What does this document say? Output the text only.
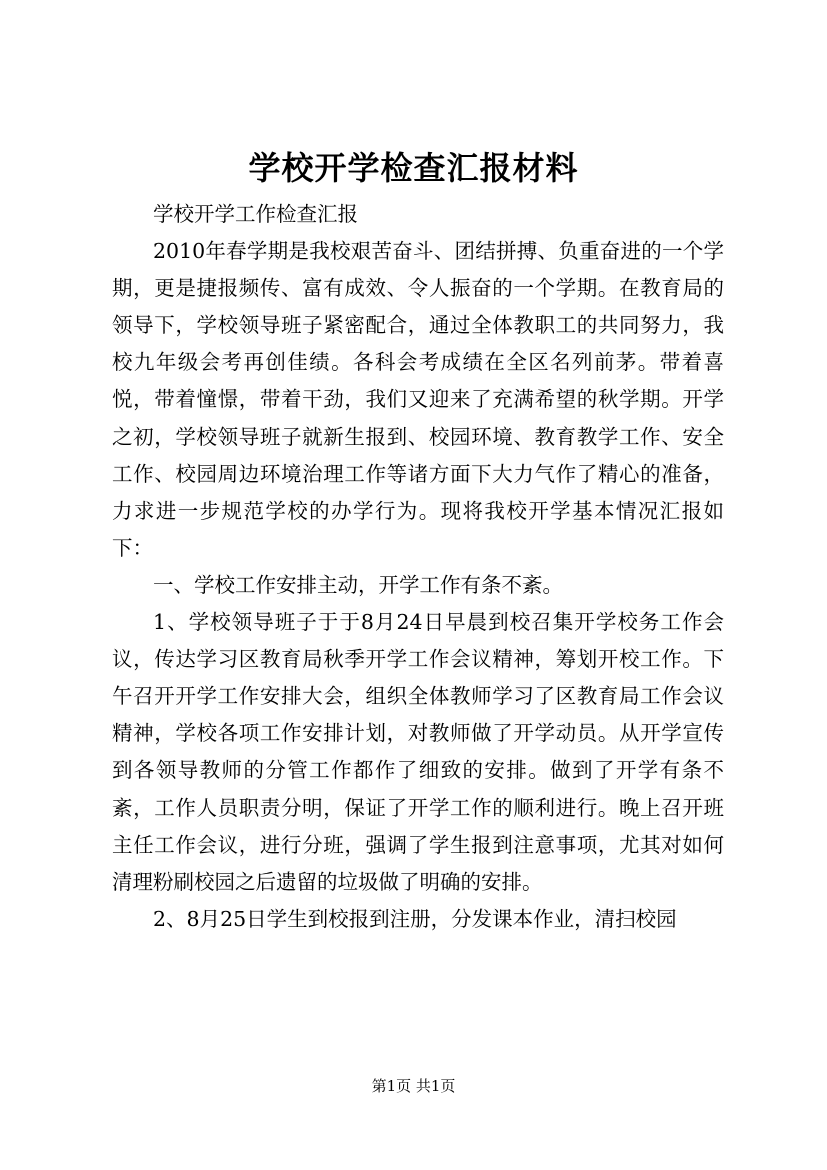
学校开学检查汇报材料

学校开学工作检查汇报

2010年春学期是我校艰苦奋斗、团结拼搏、负重奋进的一个学期，更是捷报频传、富有成效、令人振奋的一个学期。在教育局的领导下，学校领导班子紧密配合，通过全体教职工的共同努力，我校九年级会考再创佳绩。各科会考成绩在全区名列前茅。带着喜悦，带着憧憬，带着干劲，我们又迎来了充满希望的秋学期。开学之初，学校领导班子就新生报到、校园环境、教育教学工作、安全工作、校园周边环境治理工作等诸方面下大力气作了精心的准备，力求进一步规范学校的办学行为。现将我校开学基本情况汇报如下：

一、学校工作安排主动，开学工作有条不紊。

1、学校领导班子于于8月24日早晨到校召集开学校务工作会议，传达学习区教育局秋季开学工作会议精神，筹划开校工作。下午召开开学工作安排大会，组织全体教师学习了区教育局工作会议精神，学校各项工作安排计划，对教师做了开学动员。从开学宣传到各领导教师的分管工作都作了细致的安排。做到了开学有条不紊，工作人员职责分明，保证了开学工作的顺利进行。晚上召开班主任工作会议，进行分班，强调了学生报到注意事项，尤其对如何清理粉刷校园之后遗留的垃圾做了明确的安排。

2、8月25日学生到校报到注册，分发课本作业，清扫校园

第1页 共1页
